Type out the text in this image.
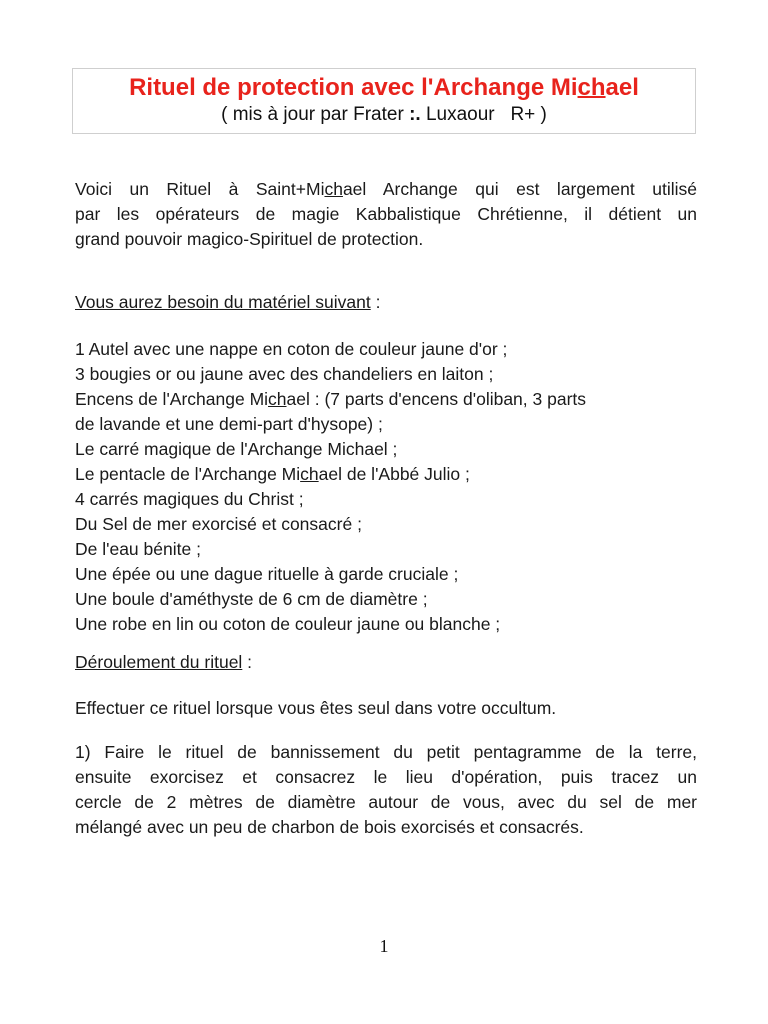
Rituel de protection avec l'Archange Michael
( mis à jour par Frater :. Luxaour   R+ )
Voici un Rituel à Saint+Michael Archange qui est largement utilisé
par les opérateurs de magie Kabbalistique Chrétienne, il détient un
grand pouvoir magico-Spirituel de protection.
Vous aurez besoin du matériel suivant :
1 Autel avec une nappe en coton de couleur jaune d'or ;
3 bougies or ou jaune avec des chandeliers en laiton ;
Encens de l'Archange Michael : (7 parts d'encens d'oliban, 3 parts
de lavande et une demi-part d'hysope) ;
Le carré magique de l'Archange Michael ;
Le pentacle de l'Archange Michael de l'Abbé Julio ;
4 carrés magiques du Christ ;
Du Sel de mer exorcisé et consacré ;
De l'eau bénite ;
Une épée ou une dague rituelle à garde cruciale ;
Une boule d'améthyste de 6 cm de diamètre ;
Une robe en lin ou coton de couleur jaune ou blanche ;
Déroulement du rituel :
Effectuer ce rituel lorsque vous êtes seul dans votre occultum.
1) Faire le rituel de bannissement du petit pentagramme de la terre,
ensuite exorcisez et consacrez le lieu d'opération, puis tracez un
cercle de 2 mètres de diamètre autour de vous, avec du sel de mer
mélangé avec un peu de charbon de bois exorcisés et consacrés.
1
